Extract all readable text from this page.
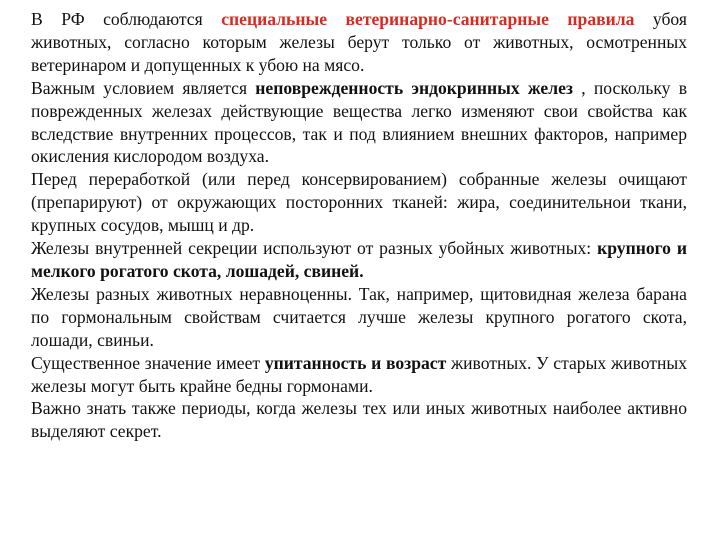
В РФ соблюдаются специальные ветеринарно-санитарные правила убоя животных, согласно которым железы берут только от животных, осмотренных ветеринаром и допущенных к убою на мясо.

Важным условием является неповрежденность эндокринных желез , поскольку в поврежденных железах действующие вещества легко изменяют свои свойства как вследствие внутренних процессов, так и под влиянием внешних факторов, например окисления кислородом воздуха.

Перед переработкой (или перед консервированием) собранные железы очищают (препарируют) от окружающих посторонних тканей: жира, соединительнои ткани, крупных сосудов, мышц и др.

Железы внутренней секреции используют от разных убойных животных: крупного и мелкого рогатого скота, лошадей, свиней.

Железы разных животных неравноценны. Так, например, щитовидная железа барана по гормональным свойствам считается лучше железы крупного рогатого скота, лошади, свиньи.

Существенное значение имеет упитанность и возраст животных. У старых животных железы могут быть крайне бедны гормонами.

Важно знать также периоды, когда железы тех или иных животных наиболее активно выделяют секрет.
